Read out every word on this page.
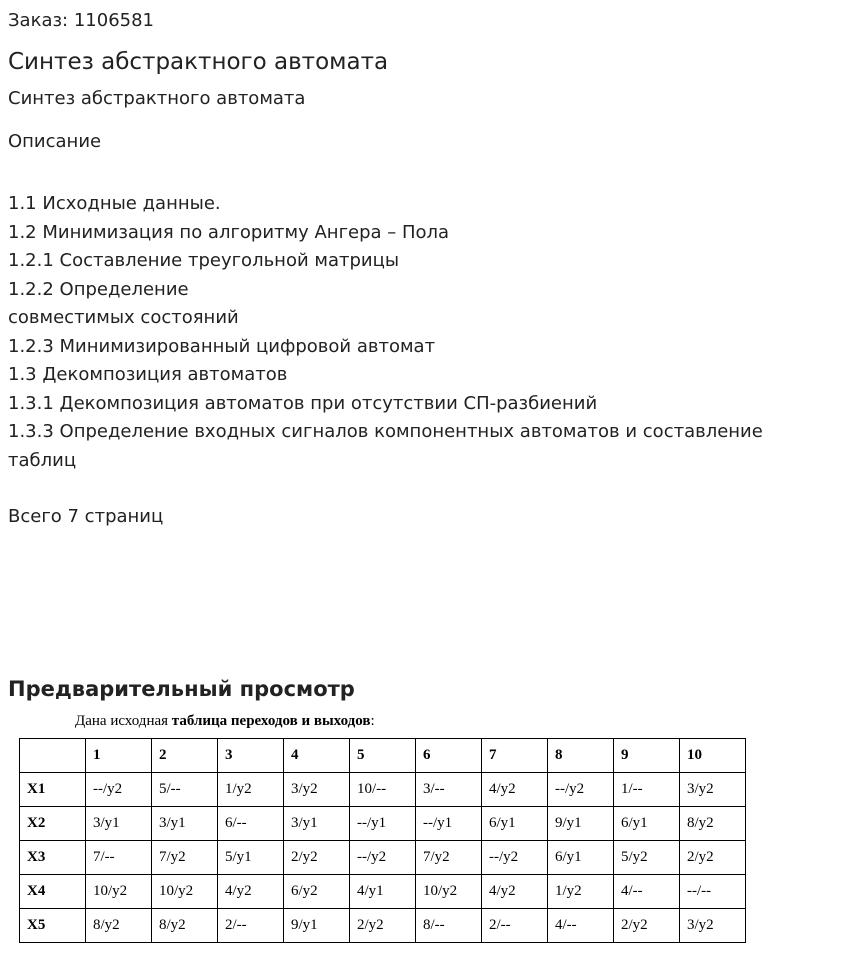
Заказ: 1106581
Синтез абстрактного автомата
Синтез абстрактного автомата
Описание
1.1 Исходные данные.
1.2 Минимизация по алгоритму Ангера – Пола
1.2.1 Составление треугольной матрицы
1.2.2 Определение
совместимых состояний
1.2.3 Минимизированный цифровой автомат
1.3 Декомпозиция автоматов
1.3.1 Декомпозиция автоматов при отсутствии СП-разбиений
1.3.3 Определение входных сигналов компонентных автоматов и составление
таблиц
Всего 7 страниц
Предварительный просмотр
Дана исходная таблица переходов и выходов:
	1	2	3	4	5	6	7	8	9	10
X1	--/y2	5/--	1/y2	3/y2	10/--	3/--	4/y2	--/y2	1/--	3/y2
X2	3/y1	3/y1	6/--	3/y1	--/y1	--/y1	6/y1	9/y1	6/y1	8/y2
X3	7/--	7/y2	5/y1	2/y2	--/y2	7/y2	--/y2	6/y1	5/y2	2/y2
X4	10/y2	10/y2	4/y2	6/y2	4/y1	10/y2	4/y2	1/y2	4/--	--/--
X5	8/y2	8/y2	2/--	9/y1	2/y2	8/--	2/--	4/--	2/y2	3/y2
